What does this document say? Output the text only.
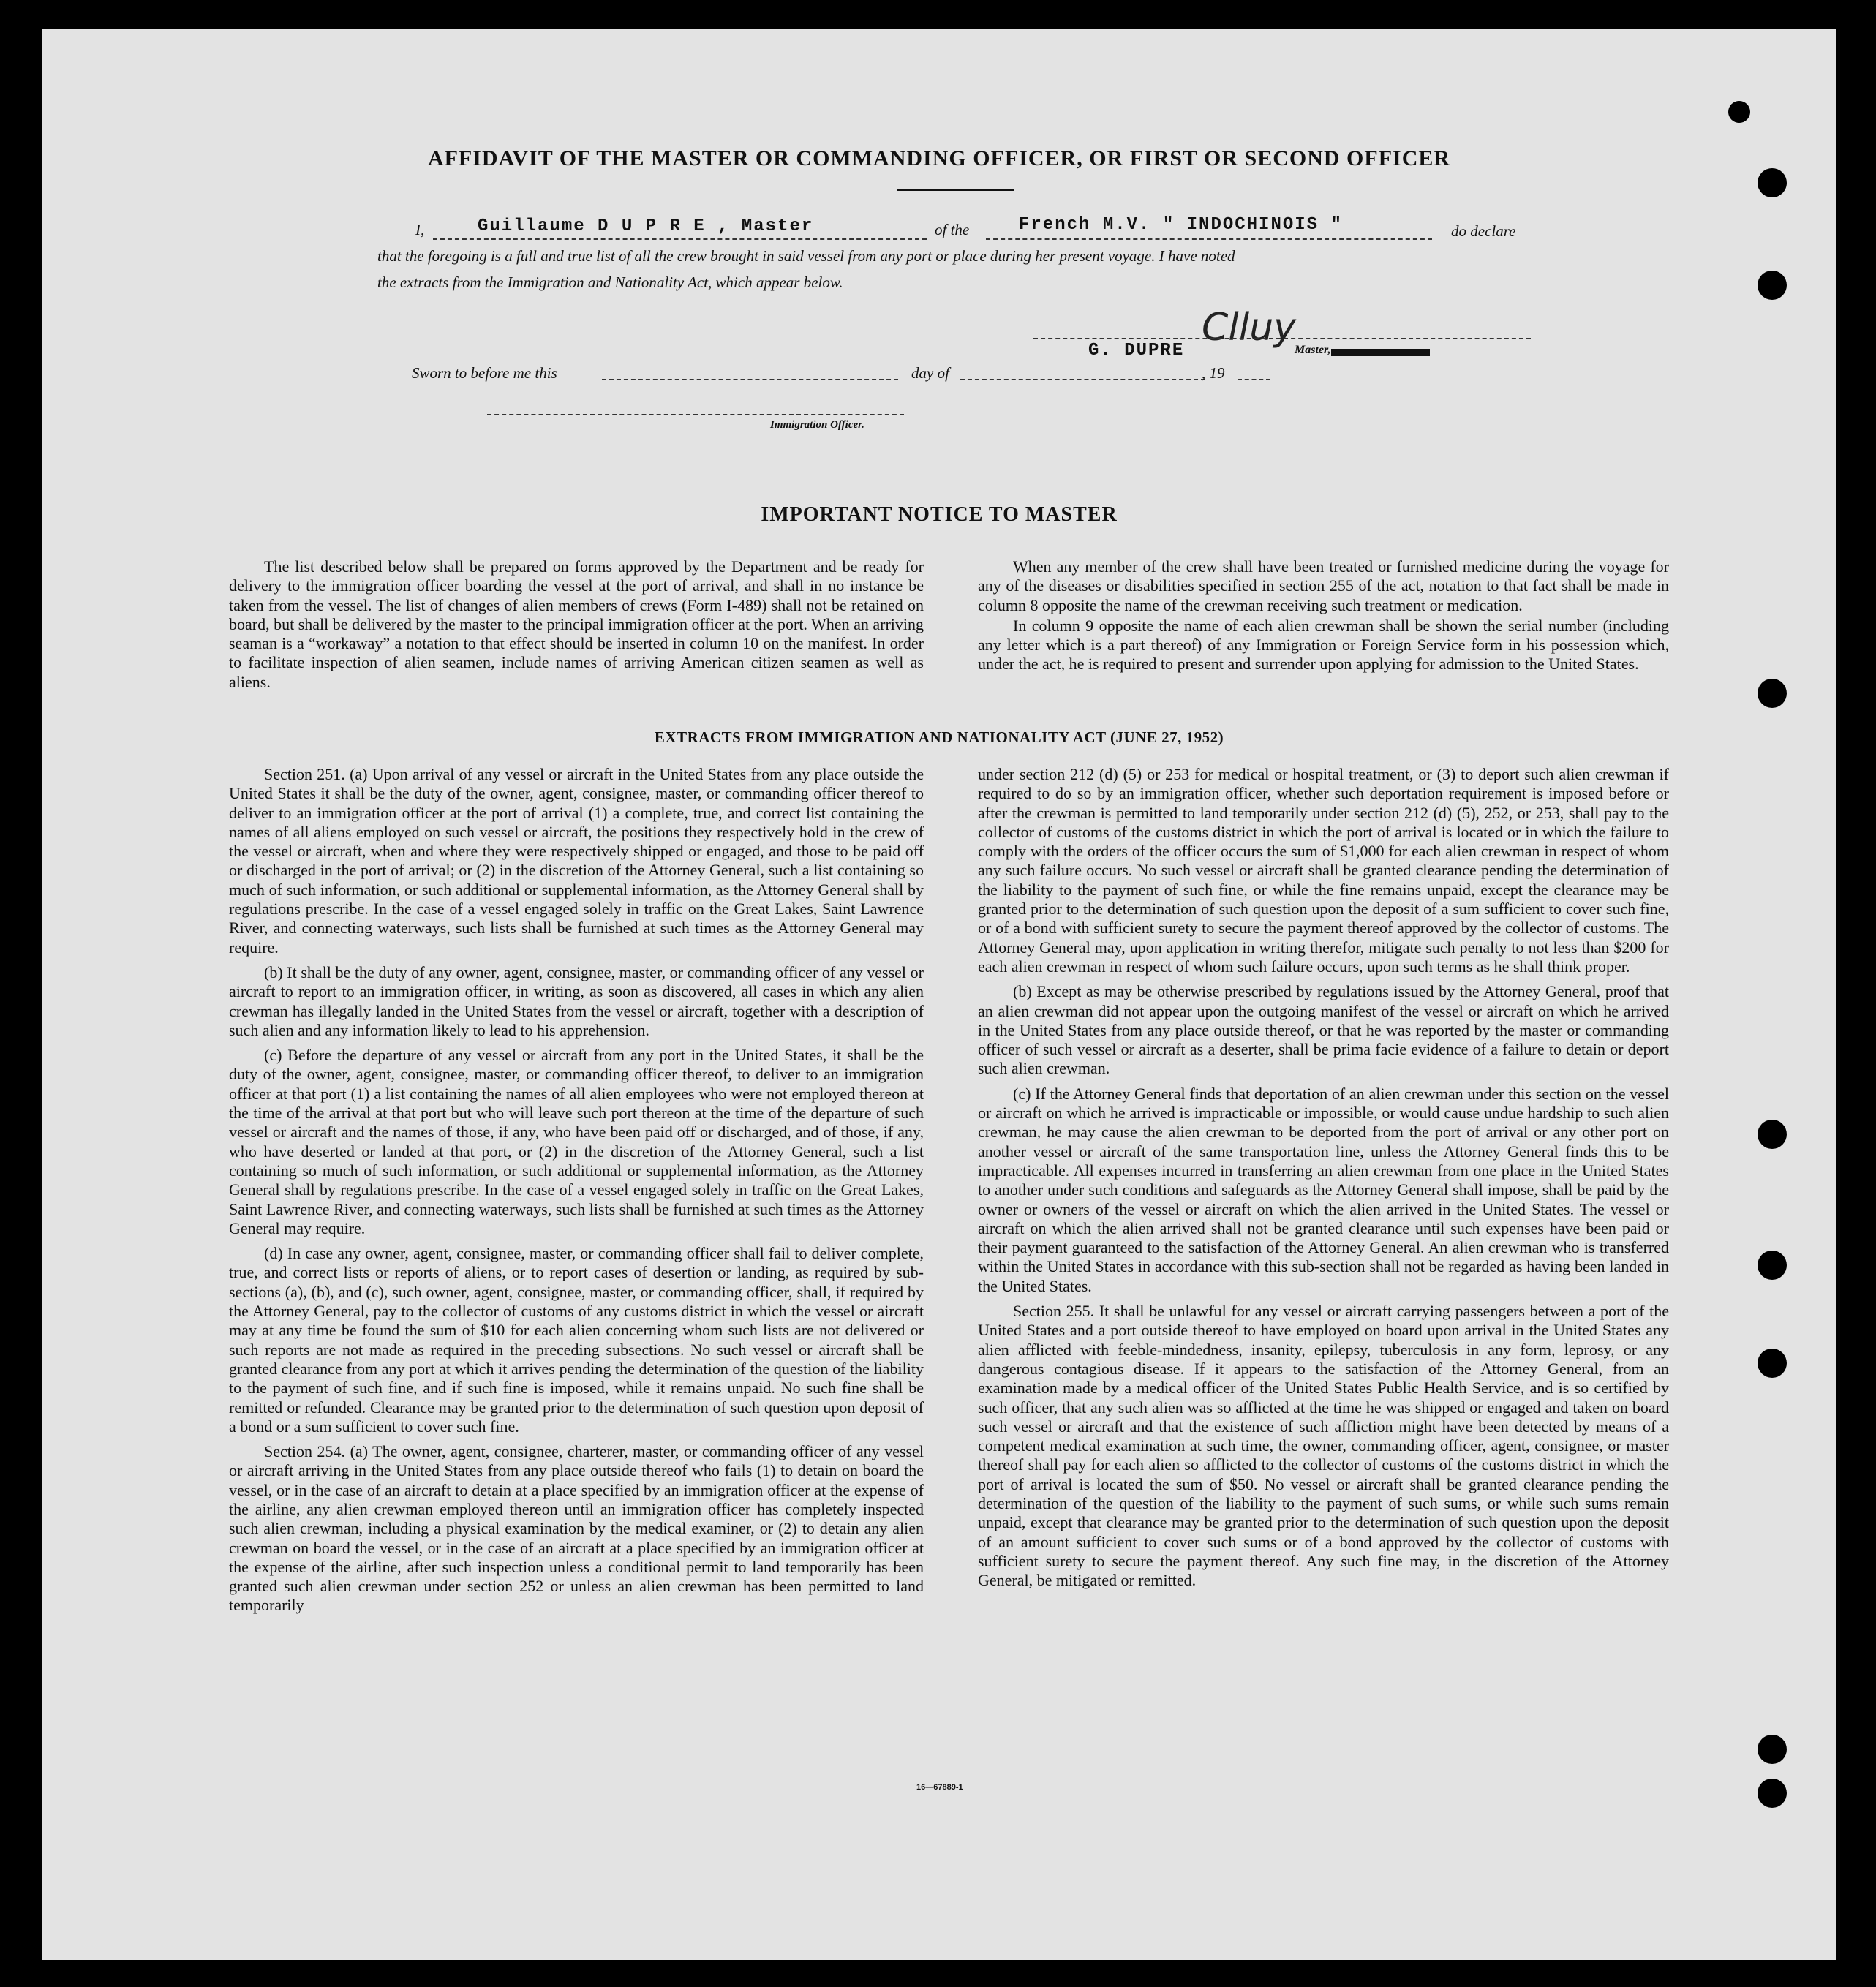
AFFIDAVIT OF THE MASTER OR COMMANDING OFFICER, OR FIRST OR SECOND OFFICER
I,	Guillaume D U P R E , Master	of the	French M.V. " INDOCHINOIS "	do declare
that the foregoing is a full and true list of all the crew brought in said vessel from any port or place during her present voyage. I have noted
the extracts from the Immigration and Nationality Act, which appear below.
Clluy
G. DUPRE	Master,
Sworn to before me this	day of	, 19
Immigration Officer.
IMPORTANT NOTICE TO MASTER

The list described below shall be prepared on forms approved by the Department and be ready for delivery to the immigration officer boarding the vessel at the port of arrival, and shall in no instance be taken from the vessel. The list of changes of alien members of crews (Form I-489) shall not be retained on board, but shall be delivered by the master to the principal immigration officer at the port. When an arriving seaman is a “workaway” a notation to that effect should be inserted in column 10 on the manifest. In order to facilitate inspection of alien seamen, include names of arriving American citizen seamen as well as aliens.

When any member of the crew shall have been treated or furnished medicine during the voyage for any of the diseases or disabilities specified in section 255 of the act, notation to that fact shall be made in column 8 opposite the name of the crewman receiving such treatment or medication.

In column 9 opposite the name of each alien crewman shall be shown the serial number (including any letter which is a part thereof) of any Immigration or Foreign Service form in his possession which, under the act, he is required to present and surrender upon applying for admission to the United States.

EXTRACTS FROM IMMIGRATION AND NATIONALITY ACT (JUNE 27, 1952)

Section 251. (a) Upon arrival of any vessel or aircraft in the United States from any place outside the United States it shall be the duty of the owner, agent, consignee, master, or commanding officer thereof to deliver to an immigration officer at the port of arrival (1) a complete, true, and correct list containing the names of all aliens employed on such vessel or aircraft, the positions they respectively hold in the crew of the vessel or aircraft, when and where they were respectively shipped or engaged, and those to be paid off or discharged in the port of arrival; or (2) in the discretion of the Attorney General, such a list containing so much of such information, or such additional or supplemental information, as the Attorney General shall by regulations prescribe. In the case of a vessel engaged solely in traffic on the Great Lakes, Saint Lawrence River, and connecting waterways, such lists shall be furnished at such times as the Attorney General may require.

(b) It shall be the duty of any owner, agent, consignee, master, or commanding officer of any vessel or aircraft to report to an immigration officer, in writing, as soon as discovered, all cases in which any alien crewman has illegally landed in the United States from the vessel or aircraft, together with a description of such alien and any information likely to lead to his apprehension.

(c) Before the departure of any vessel or aircraft from any port in the United States, it shall be the duty of the owner, agent, consignee, master, or commanding officer thereof, to deliver to an immigration officer at that port (1) a list containing the names of all alien employees who were not employed thereon at the time of the arrival at that port but who will leave such port thereon at the time of the departure of such vessel or aircraft and the names of those, if any, who have been paid off or discharged, and of those, if any, who have deserted or landed at that port, or (2) in the discretion of the Attorney General, such a list containing so much of such information, or such additional or supplemental information, as the Attorney General shall by regulations prescribe. In the case of a vessel engaged solely in traffic on the Great Lakes, Saint Lawrence River, and connecting waterways, such lists shall be furnished at such times as the Attorney General may require.

(d) In case any owner, agent, consignee, master, or commanding officer shall fail to deliver complete, true, and correct lists or reports of aliens, or to report cases of desertion or landing, as required by sub-sections (a), (b), and (c), such owner, agent, consignee, master, or commanding officer, shall, if required by the Attorney General, pay to the collector of customs of any customs district in which the vessel or aircraft may at any time be found the sum of $10 for each alien concerning whom such lists are not delivered or such reports are not made as required in the preceding subsections. No such vessel or aircraft shall be granted clearance from any port at which it arrives pending the determination of the question of the liability to the payment of such fine, and if such fine is imposed, while it remains unpaid. No such fine shall be remitted or refunded. Clearance may be granted prior to the determination of such question upon deposit of a bond or a sum sufficient to cover such fine.

Section 254. (a) The owner, agent, consignee, charterer, master, or commanding officer of any vessel or aircraft arriving in the United States from any place outside thereof who fails (1) to detain on board the vessel, or in the case of an aircraft to detain at a place specified by an immigration officer at the expense of the airline, any alien crewman employed thereon until an immigration officer has completely inspected such alien crewman, including a physical examination by the medical examiner, or (2) to detain any alien crewman on board the vessel, or in the case of an aircraft at a place specified by an immigration officer at the expense of the airline, after such inspection unless a conditional permit to land temporarily has been granted such alien crewman under section 252 or unless an alien crewman has been permitted to land temporarily

under section 212 (d) (5) or 253 for medical or hospital treatment, or (3) to deport such alien crewman if required to do so by an immigration officer, whether such deportation requirement is imposed before or after the crewman is permitted to land temporarily under section 212 (d) (5), 252, or 253, shall pay to the collector of customs of the customs district in which the port of arrival is located or in which the failure to comply with the orders of the officer occurs the sum of $1,000 for each alien crewman in respect of whom any such failure occurs. No such vessel or aircraft shall be granted clearance pending the determination of the liability to the payment of such fine, or while the fine remains unpaid, except the clearance may be granted prior to the determination of such question upon the deposit of a sum sufficient to cover such fine, or of a bond with sufficient surety to secure the payment thereof approved by the collector of customs. The Attorney General may, upon application in writing therefor, mitigate such penalty to not less than $200 for each alien crewman in respect of whom such failure occurs, upon such terms as he shall think proper.

(b) Except as may be otherwise prescribed by regulations issued by the Attorney General, proof that an alien crewman did not appear upon the outgoing manifest of the vessel or aircraft on which he arrived in the United States from any place outside thereof, or that he was reported by the master or commanding officer of such vessel or aircraft as a deserter, shall be prima facie evidence of a failure to detain or deport such alien crewman.

(c) If the Attorney General finds that deportation of an alien crewman under this section on the vessel or aircraft on which he arrived is impracticable or impossible, or would cause undue hardship to such alien crewman, he may cause the alien crewman to be deported from the port of arrival or any other port on another vessel or aircraft of the same transportation line, unless the Attorney General finds this to be impracticable. All expenses incurred in transferring an alien crewman from one place in the United States to another under such conditions and safeguards as the Attorney General shall impose, shall be paid by the owner or owners of the vessel or aircraft on which the alien arrived in the United States. The vessel or aircraft on which the alien arrived shall not be granted clearance until such expenses have been paid or their payment guaranteed to the satisfaction of the Attorney General. An alien crewman who is transferred within the United States in accordance with this sub-section shall not be regarded as having been landed in the United States.

Section 255. It shall be unlawful for any vessel or aircraft carrying passengers between a port of the United States and a port outside thereof to have employed on board upon arrival in the United States any alien afflicted with feeble-mindedness, insanity, epilepsy, tuberculosis in any form, leprosy, or any dangerous contagious disease. If it appears to the satisfaction of the Attorney General, from an examination made by a medical officer of the United States Public Health Service, and is so certified by such officer, that any such alien was so afflicted at the time he was shipped or engaged and taken on board such vessel or aircraft and that the existence of such affliction might have been detected by means of a competent medical examination at such time, the owner, commanding officer, agent, consignee, or master thereof shall pay for each alien so afflicted to the collector of customs of the customs district in which the port of arrival is located the sum of $50. No vessel or aircraft shall be granted clearance pending the determination of the question of the liability to the payment of such sums, or while such sums remain unpaid, except that clearance may be granted prior to the determination of such question upon the deposit of an amount sufficient to cover such sums or of a bond approved by the collector of customs with sufficient surety to secure the payment thereof. Any such fine may, in the discretion of the Attorney General, be mitigated or remitted.

16—67889-1
